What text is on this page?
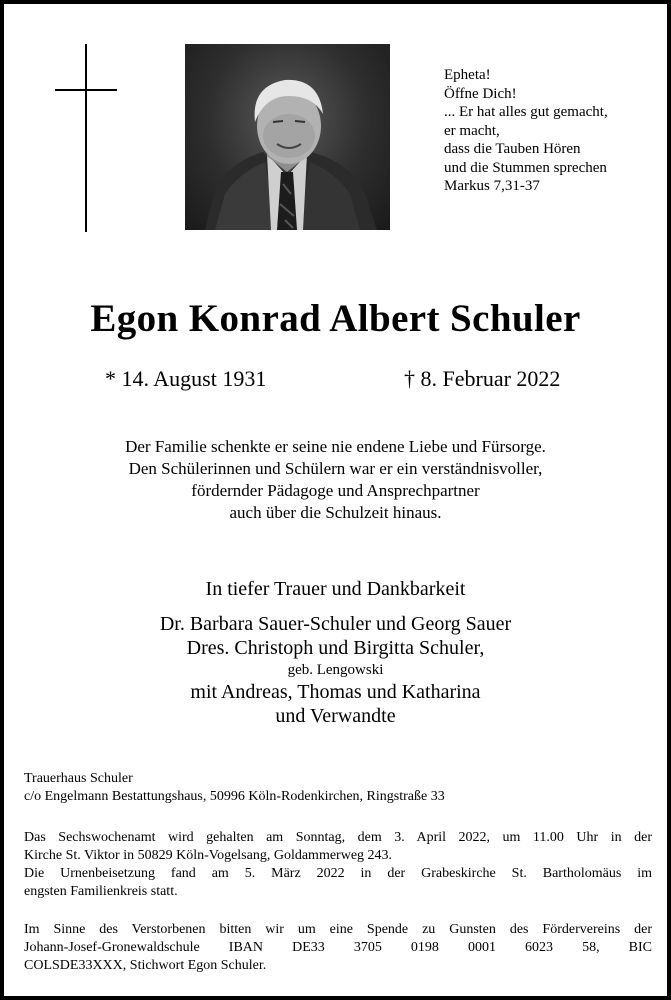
Epheta!
Öffne Dich!
... Er hat alles gut gemacht,
er macht,
dass die Tauben Hören
und die Stummen sprechen
Markus 7,31-37
Egon Konrad Albert Schuler
* 14. August 1931	† 8. Februar 2022
Der Familie schenkte er seine nie endene Liebe und Fürsorge.
Den Schülerinnen und Schülern war er ein verständnisvoller,
fördernder Pädagoge und Ansprechpartner
auch über die Schulzeit hinaus.
In tiefer Trauer und Dankbarkeit
Dr. Barbara Sauer-Schuler und Georg Sauer
Dres. Christoph und Birgitta Schuler,
geb. Lengowski
mit Andreas, Thomas und Katharina
und Verwandte
Trauerhaus Schuler
c/o Engelmann Bestattungshaus, 50996 Köln-Rodenkirchen, Ringstraße 33
Das Sechswochenamt wird gehalten am Sonntag, dem 3. April 2022, um 11.00 Uhr in der
Kirche St. Viktor in 50829 Köln-Vogelsang, Goldammerweg 243.
Die Urnenbeisetzung fand am 5. März 2022 in der Grabeskirche St. Bartholomäus im
engsten Familienkreis statt.
Im Sinne des Verstorbenen bitten wir um eine Spende zu Gunsten des Fördervereins der
Johann-Josef-Gronewaldschule IBAN DE33 3705 0198 0001 6023 58, BIC
COLSDE33XXX, Stichwort Egon Schuler.
